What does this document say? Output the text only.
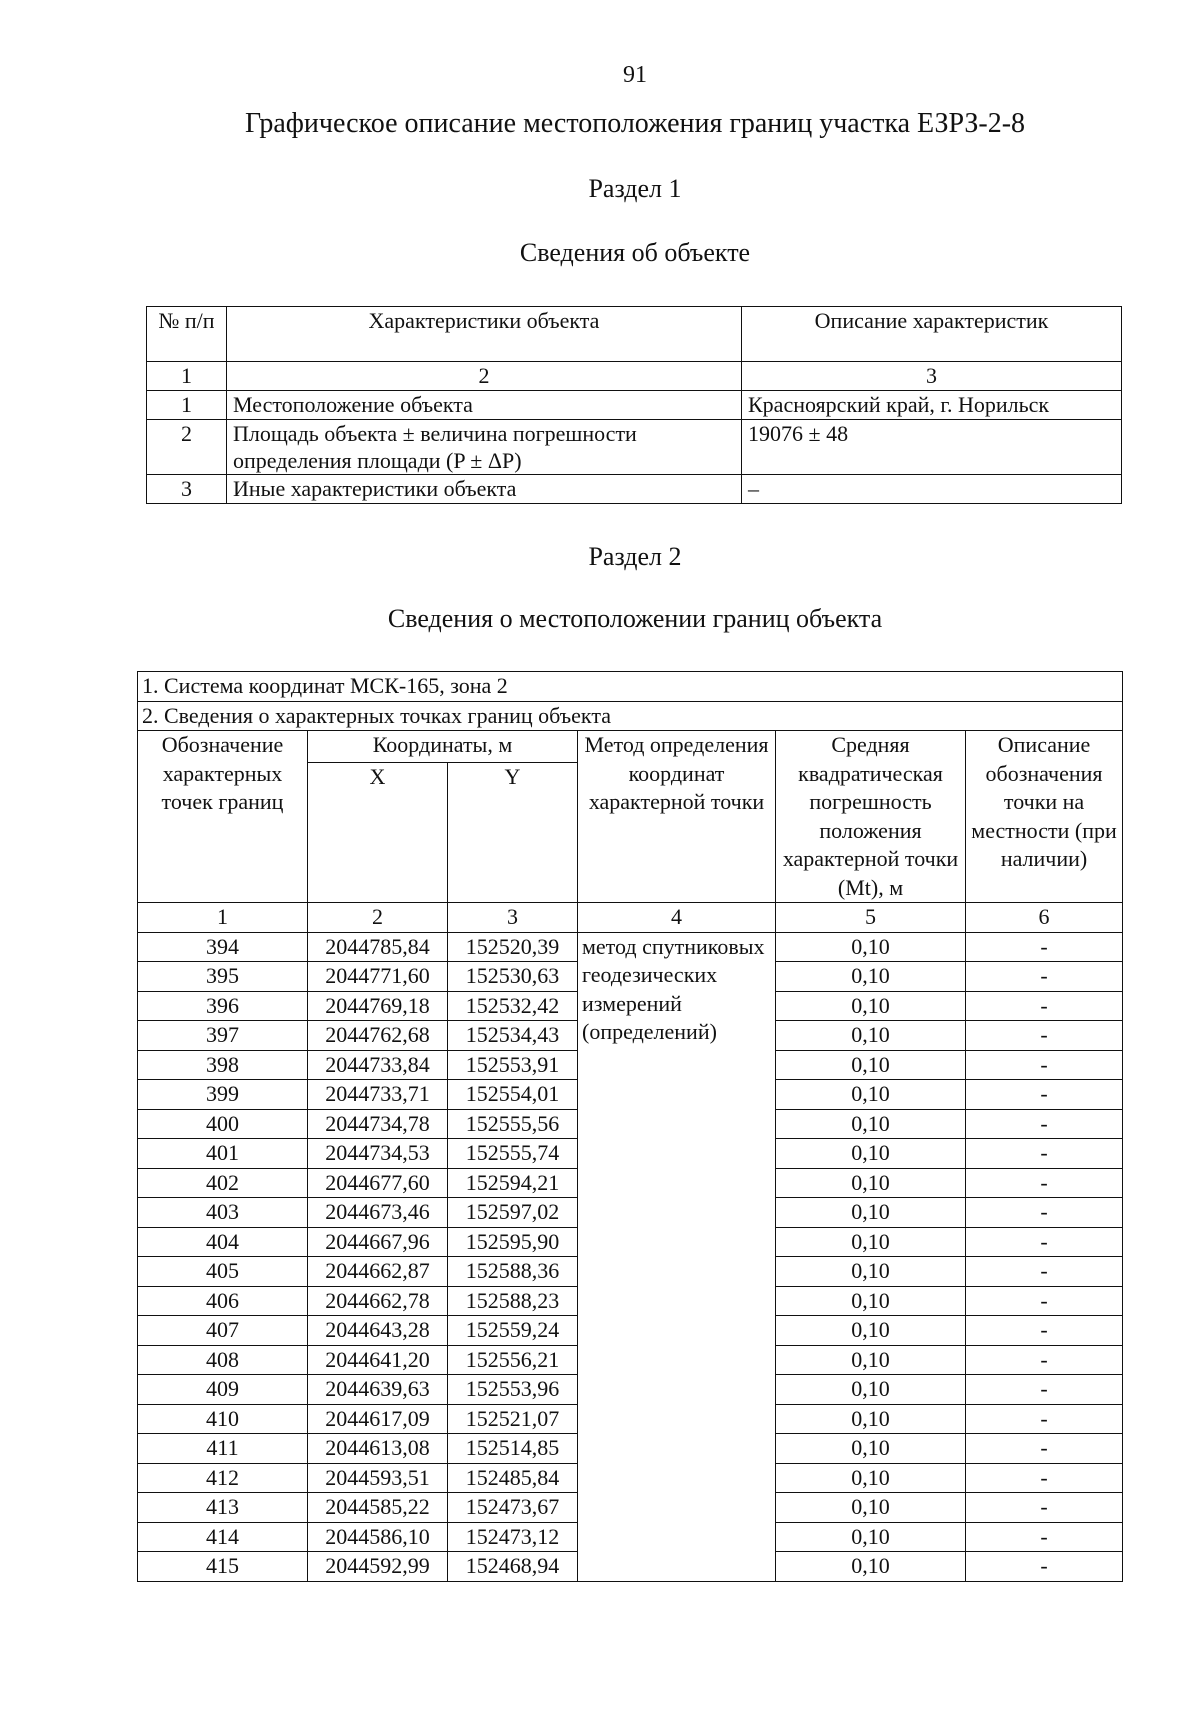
91
Графическое описание местоположения границ участка ЕЗРЗ-2-8
Раздел 1
Сведения об объекте
№ п/п	Характеристики объекта	Описание характеристик
1	2	3
1	Местоположение объекта	Красноярский край, г. Норильск
2	Площадь объекта ± величина погрешности определения площади (P ± ΔP)	19076 ± 48
3	Иные характеристики объекта	–
Раздел 2
Сведения о местоположении границ объекта
1. Система координат МСК-165, зона 2					
2. Сведения о характерных точках границ объекта					
Обозначение характерных точек границ	Координаты, м		Метод определения координат характерной точки	Средняя квадратическая погрешность положения характерной точки (Mt), м	Описание обозначения точки на местности (при наличии)
	X	Y			
1	2	3	4	5	6
394	2044785,84	152520,39	метод спутниковых геодезических измерений (определений)	0,10	-
395	2044771,60	152530,63		0,10	-
396	2044769,18	152532,42		0,10	-
397	2044762,68	152534,43		0,10	-
398	2044733,84	152553,91		0,10	-
399	2044733,71	152554,01		0,10	-
400	2044734,78	152555,56		0,10	-
401	2044734,53	152555,74		0,10	-
402	2044677,60	152594,21		0,10	-
403	2044673,46	152597,02		0,10	-
404	2044667,96	152595,90		0,10	-
405	2044662,87	152588,36		0,10	-
406	2044662,78	152588,23		0,10	-
407	2044643,28	152559,24		0,10	-
408	2044641,20	152556,21		0,10	-
409	2044639,63	152553,96		0,10	-
410	2044617,09	152521,07		0,10	-
411	2044613,08	152514,85		0,10	-
412	2044593,51	152485,84		0,10	-
413	2044585,22	152473,67		0,10	-
414	2044586,10	152473,12		0,10	-
415	2044592,99	152468,94		0,10	-
